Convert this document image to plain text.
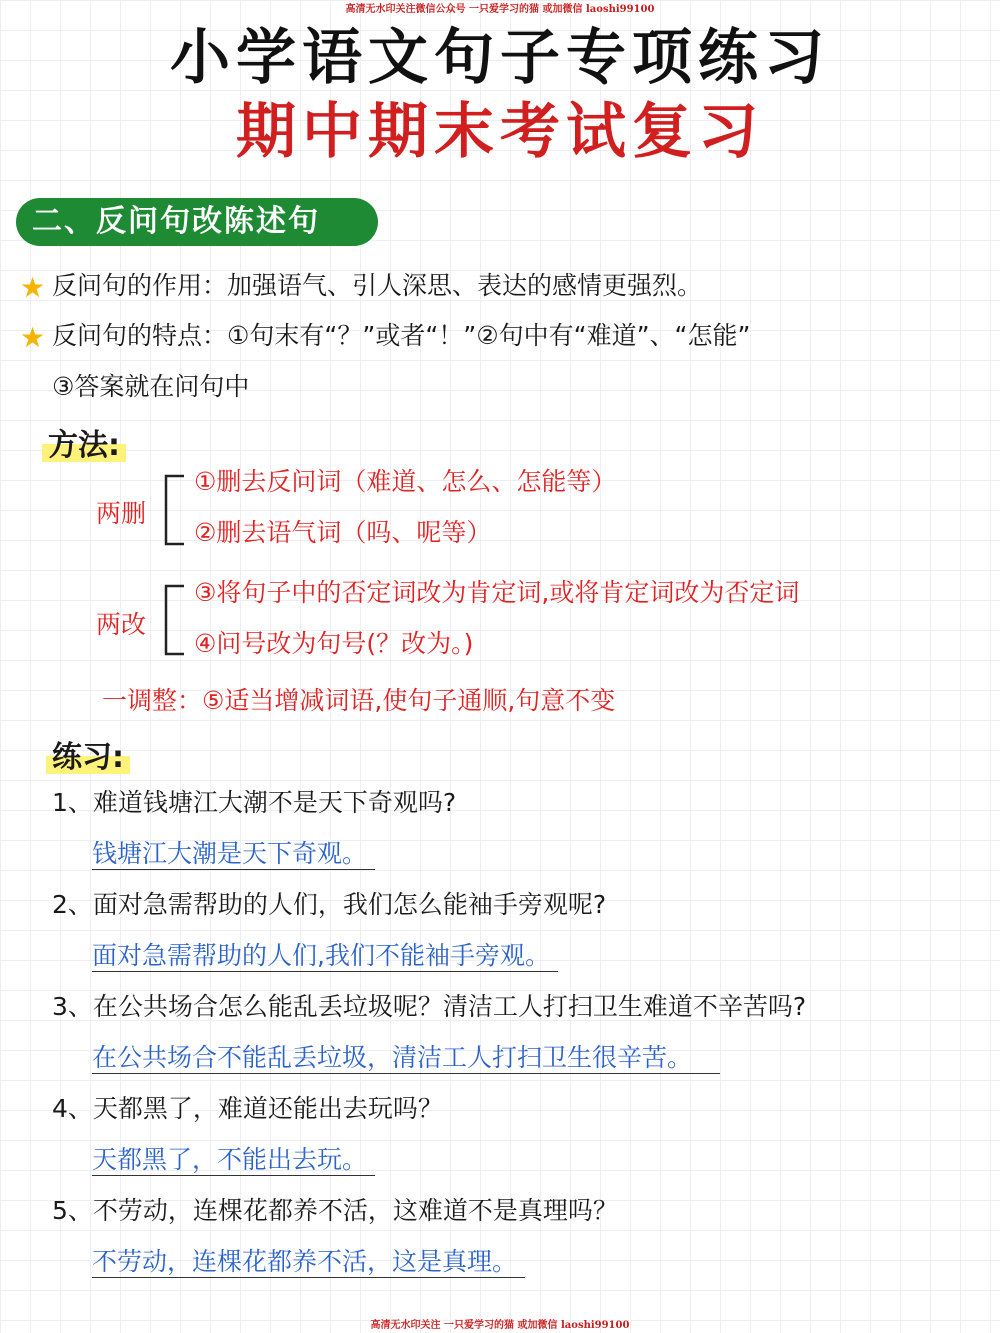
高清无水印关注微信公众号 一只爱学习的猫 或加微信 laoshi99100
小学语文句子专项练习
期中期末考试复习
二、反问句改陈述句
★ 反问句的作用：加强语气、引人深思、表达的感情更强烈。
★ 反问句的特点：①句末有“？”或者“！”②句中有“难道”、“怎能”
③答案就在问句中
方法:
两删
①删去反问词（难道、怎么、怎能等）
②删去语气词（吗、呢等）
两改
③将句子中的否定词改为肯定词,或将肯定词改为否定词
④问号改为句号(？改为。)
一调整：⑤适当增减词语,使句子通顺,句意不变
练习:
1、难道钱塘江大潮不是天下奇观吗?
钱塘江大潮是天下奇观。
2、面对急需帮助的人们，我们怎么能袖手旁观呢?
面对急需帮助的人们,我们不能袖手旁观。
3、在公共场合怎么能乱丢垃圾呢？清洁工人打扫卫生难道不辛苦吗?
在公共场合不能乱丢垃圾，清洁工人打扫卫生很辛苦。
4、天都黑了，难道还能出去玩吗？
天都黑了，不能出去玩。
5、不劳动，连棵花都养不活，这难道不是真理吗？
不劳动，连棵花都养不活，这是真理。
高清无水印关注 一只爱学习的猫 或加微信 laoshi99100
